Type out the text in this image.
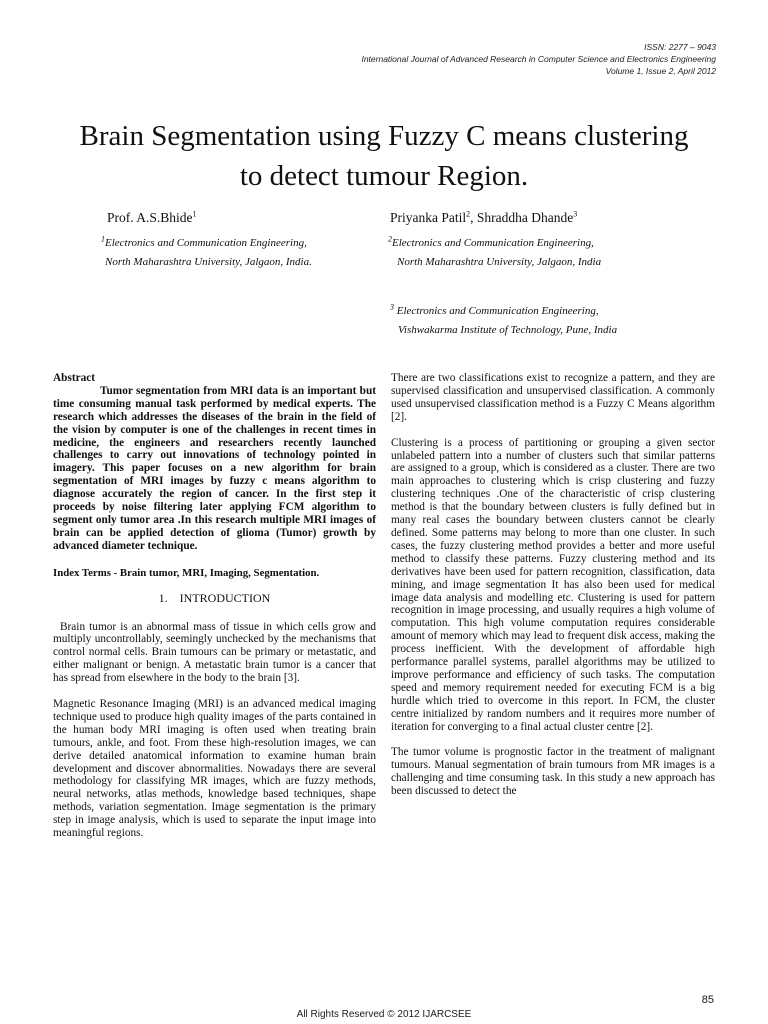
ISSN: 2277 – 9043
International Journal of Advanced Research in Computer Science and Electronics Engineering
Volume 1, Issue 2, April 2012
Brain Segmentation using Fuzzy C means clustering
to detect tumour Region.
Prof. A.S.Bhide$^1$
$^1$Electronics and Communication Engineering,
North Maharashtra University, Jalgaon, India.
Priyanka Patil$^2$, Shraddha Dhande$^3$
$^2$Electronics and Communication Engineering,
North Maharashtra University, Jalgaon, India
$^3$ Electronics and Communication Engineering,
Vishwakarma Institute of Technology, Pune, India
Abstract

Tumor segmentation from MRI data is an important but time consuming manual task performed by medical experts. The research which addresses the diseases of the brain in the field of the vision by computer is one of the challenges in recent times in medicine, the engineers and researchers recently launched challenges to carry out innovations of technology pointed in imagery. This paper focuses on a new algorithm for brain segmentation of MRI images by fuzzy c means algorithm to diagnose accurately the region of cancer. In the first step it proceeds by noise filtering later applying FCM algorithm to segment only tumor area .In this research multiple MRI images of brain can be applied detection of glioma (Tumor) growth by advanced diameter technique.

Index Terms - Brain tumor, MRI, Imaging, Segmentation.

1.    INTRODUCTION

Brain tumor is an abnormal mass of tissue in which cells grow and multiply uncontrollably, seemingly unchecked by the mechanisms that control normal cells. Brain tumours can be primary or metastatic, and either malignant or benign. A metastatic brain tumor is a cancer that has spread from elsewhere in the body to the brain [3].

Magnetic Resonance Imaging (MRI) is an advanced medical imaging technique used to produce high quality images of the parts contained in the human body MRI imaging is often used when treating brain tumours, ankle, and foot. From these high-resolution images, we can derive detailed anatomical information to examine human brain development and discover abnormalities. Nowadays there are several methodology for classifying MR images, which are fuzzy methods, neural networks, atlas methods, knowledge based techniques, shape methods, variation segmentation. Image segmentation is the primary step in image analysis, which is used to separate the input image into meaningful regions.

There are two classifications exist to recognize a pattern, and they are supervised classification and unsupervised classification. A commonly used unsupervised classification method is a Fuzzy C Means algorithm [2].

Clustering is a process of partitioning or grouping a given sector unlabeled pattern into a number of clusters such that similar patterns are assigned to a group, which is considered as a cluster. There are two main approaches to clustering which is crisp clustering and fuzzy clustering techniques .One of the characteristic of crisp clustering method is that the boundary between clusters is fully defined but in many real cases the boundary between clusters cannot be clearly defined. Some patterns may belong to more than one cluster. In such cases, the fuzzy clustering method provides a better and more useful method to classify these patterns. Fuzzy clustering method and its derivatives have been used for pattern recognition, classification, data mining, and image segmentation It has also been used for medical image data analysis and modelling etc. Clustering is used for pattern recognition in image processing, and usually requires a high volume of computation. This high volume computation requires considerable amount of memory which may lead to frequent disk access, making the process inefficient. With the development of affordable high performance parallel systems, parallel algorithms may be utilized to improve performance and efficiency of such tasks. The computation speed and memory requirement needed for executing FCM is a big hurdle which tried to overcome in this report. In FCM, the cluster centre initialized by random numbers and it requires more number of iteration for converging to a final actual cluster centre [2].

The tumor volume is prognostic factor in the treatment of malignant tumours. Manual segmentation of brain tumours from MR images is a challenging and time consuming task. In this study a new approach has been discussed to detect the

85
All Rights Reserved © 2012 IJARCSEE
